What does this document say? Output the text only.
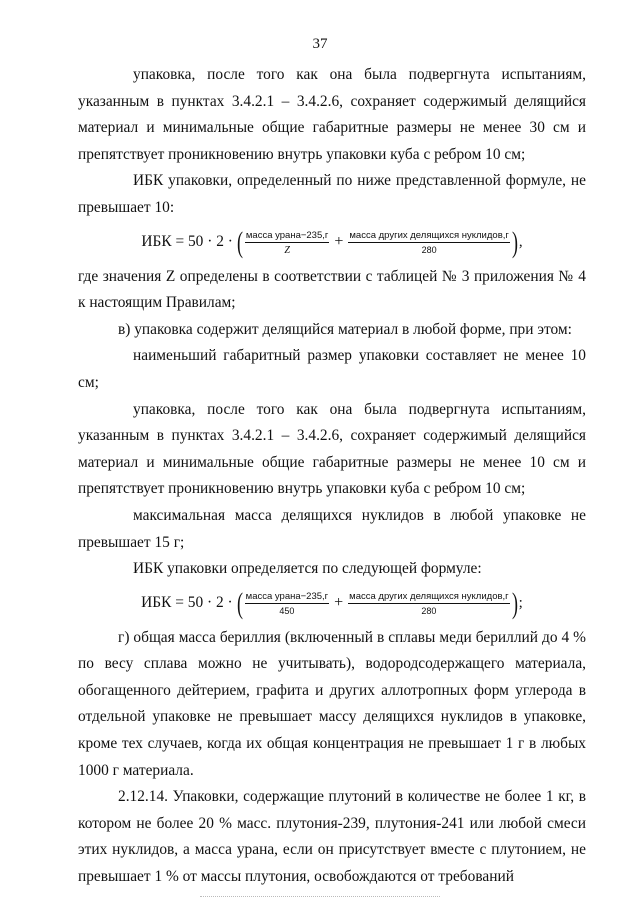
37

упаковка, после того как она была подвергнута испытаниям, указанным в пунктах 3.4.2.1 – 3.4.2.6, сохраняет содержимый делящийся материал и минимальные общие габаритные размеры не менее 30 см и препятствует проникновению внутрь упаковки куба с ребром 10 см;

ИБК упаковки, определенный по ниже представленной формуле, не превышает 10:

ИБК = 50 · 2 · ( $\frac{\text{масса урана−235,г}}{Z} + \frac{\text{масса других делящихся нуклидов,г}}{280}$ ) ,

где значения Z определены в соответствии с таблицей № 3 приложения № 4 к настоящим Правилам;

в) упаковка содержит делящийся материал в любой форме, при этом:

наименьший габаритный размер упаковки составляет не менее 10 см;

упаковка, после того как она была подвергнута испытаниям, указанным в пунктах 3.4.2.1 – 3.4.2.6, сохраняет содержимый делящийся материал и минимальные общие габаритные размеры не менее 10 см и препятствует проникновению внутрь упаковки куба с ребром 10 см;

максимальная масса делящихся нуклидов в любой упаковке не превышает 15 г;

ИБК упаковки определяется по следующей формуле:

ИБК = 50 · 2 · ( $\frac{\text{масса урана−235,г}}{450} + \frac{\text{масса других делящихся нуклидов,г}}{280}$ ) ;

г) общая масса бериллия (включенный в сплавы меди бериллий до 4 % по весу сплава можно не учитывать), водородсодержащего материала, обогащенного дейтерием, графита и других аллотропных форм углерода в отдельной упаковке не превышает массу делящихся нуклидов в упаковке, кроме тех случаев, когда их общая концентрация не превышает 1 г в любых 1000 г материала.

2.12.14. Упаковки, содержащие плутоний в количестве не более 1 кг, в котором не более 20 % масс. плутония-239, плутония-241 или любой смеси этих нуклидов, а масса урана, если он присутствует вместе с плутонием, не превышает 1 % от массы плутония, освобождаются от требований
